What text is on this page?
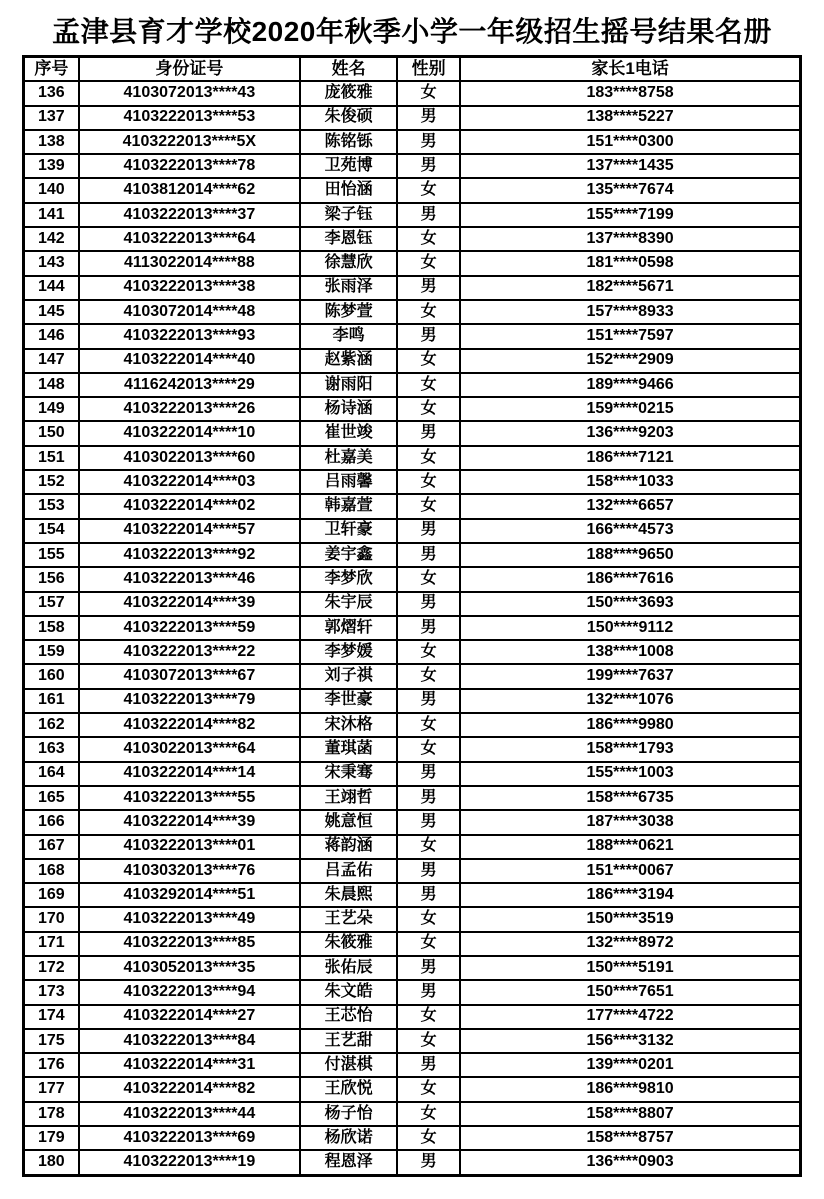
孟津县育才学校2020年秋季小学一年级招生摇号结果名册
序号	身份证号	姓名	性别	家长1电话
136	4103072013****43	庞筱雅	女	183****8758
137	4103222013****53	朱俊硕	男	138****5227
138	4103222013****5X	陈铭铄	男	151****0300
139	4103222013****78	卫苑博	男	137****1435
140	4103812014****62	田怡涵	女	135****7674
141	4103222013****37	梁子钰	男	155****7199
142	4103222013****64	李恩钰	女	137****8390
143	4113022014****88	徐慧欣	女	181****0598
144	4103222013****38	张雨泽	男	182****5671
145	4103072014****48	陈梦萱	女	157****8933
146	4103222013****93	李鸣	男	151****7597
147	4103222014****40	赵紫涵	女	152****2909
148	4116242013****29	谢雨阳	女	189****9466
149	4103222013****26	杨诗涵	女	159****0215
150	4103222014****10	崔世竣	男	136****9203
151	4103022013****60	杜嘉美	女	186****7121
152	4103222014****03	吕雨馨	女	158****1033
153	4103222014****02	韩嘉萱	女	132****6657
154	4103222014****57	卫轩豪	男	166****4573
155	4103222013****92	姜宇鑫	男	188****9650
156	4103222013****46	李梦欣	女	186****7616
157	4103222014****39	朱宇辰	男	150****3693
158	4103222013****59	郭熠轩	男	150****9112
159	4103222013****22	李梦媛	女	138****1008
160	4103072013****67	刘子祺	女	199****7637
161	4103222013****79	李世豪	男	132****1076
162	4103222014****82	宋沐格	女	186****9980
163	4103022013****64	董琪菡	女	158****1793
164	4103222014****14	宋秉骞	男	155****1003
165	4103222013****55	王翊哲	男	158****6735
166	4103222014****39	姚意恒	男	187****3038
167	4103222013****01	蒋韵涵	女	188****0621
168	4103032013****76	吕孟佑	男	151****0067
169	4103292014****51	朱晨熙	男	186****3194
170	4103222013****49	王艺朵	女	150****3519
171	4103222013****85	朱筱雅	女	132****8972
172	4103052013****35	张佑辰	男	150****5191
173	4103222013****94	朱文皓	男	150****7651
174	4103222014****27	王芯怡	女	177****4722
175	4103222013****84	王艺甜	女	156****3132
176	4103222014****31	付湛棋	男	139****0201
177	4103222014****82	王欣悦	女	186****9810
178	4103222013****44	杨子怡	女	158****8807
179	4103222013****69	杨欣诺	女	158****8757
180	4103222013****19	程恩泽	男	136****0903
